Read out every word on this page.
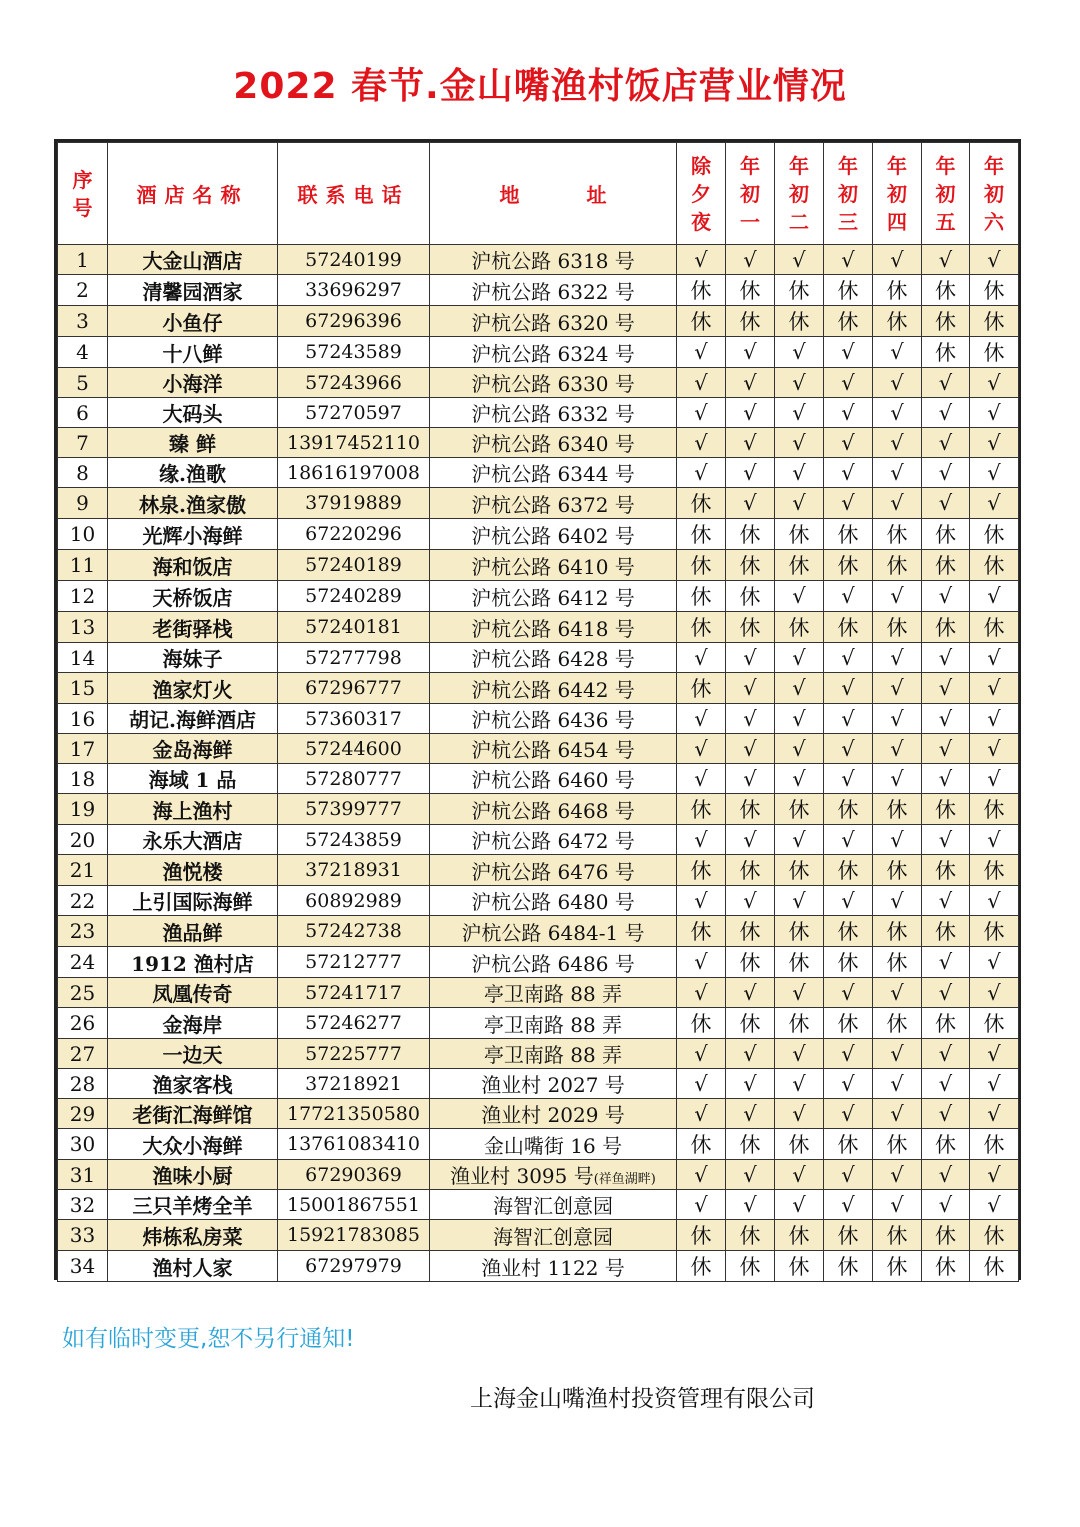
2022 春节.金山嘴渔村饭店营业情况
序
号	酒店名称	联系电话	地 址	除
夕
夜	年
初
一	年
初
二	年
初
三	年
初
四	年
初
五	年
初
六

1	大金山酒店	57240199	沪杭公路 6318 号	√	√	√	√	√	√	√
2	清馨园酒家	33696297	沪杭公路 6322 号	休	休	休	休	休	休	休
3	小鱼仔	67296396	沪杭公路 6320 号	休	休	休	休	休	休	休
4	十八鲜	57243589	沪杭公路 6324 号	√	√	√	√	√	休	休
5	小海洋	57243966	沪杭公路 6330 号	√	√	√	√	√	√	√
6	大码头	57270597	沪杭公路 6332 号	√	√	√	√	√	√	√
7	臻 鲜	13917452110	沪杭公路 6340 号	√	√	√	√	√	√	√
8	缘.渔歌	18616197008	沪杭公路 6344 号	√	√	√	√	√	√	√
9	林泉.渔家傲	37919889	沪杭公路 6372 号	休	√	√	√	√	√	√
10	光辉小海鲜	67220296	沪杭公路 6402 号	休	休	休	休	休	休	休
11	海和饭店	57240189	沪杭公路 6410 号	休	休	休	休	休	休	休
12	天桥饭店	57240289	沪杭公路 6412 号	休	休	√	√	√	√	√
13	老街驿栈	57240181	沪杭公路 6418 号	休	休	休	休	休	休	休
14	海妹子	57277798	沪杭公路 6428 号	√	√	√	√	√	√	√
15	渔家灯火	67296777	沪杭公路 6442 号	休	√	√	√	√	√	√
16	胡记.海鲜酒店	57360317	沪杭公路 6436 号	√	√	√	√	√	√	√
17	金岛海鲜	57244600	沪杭公路 6454 号	√	√	√	√	√	√	√
18	海域 1 品	57280777	沪杭公路 6460 号	√	√	√	√	√	√	√
19	海上渔村	57399777	沪杭公路 6468 号	休	休	休	休	休	休	休
20	永乐大酒店	57243859	沪杭公路 6472 号	√	√	√	√	√	√	√
21	渔悦楼	37218931	沪杭公路 6476 号	休	休	休	休	休	休	休
22	上引国际海鲜	60892989	沪杭公路 6480 号	√	√	√	√	√	√	√
23	渔品鲜	57242738	沪杭公路 6484-1 号	休	休	休	休	休	休	休
24	1912 渔村店	57212777	沪杭公路 6486 号	√	休	休	休	休	√	√
25	凤凰传奇	57241717	亭卫南路 88 弄	√	√	√	√	√	√	√
26	金海岸	57246277	亭卫南路 88 弄	休	休	休	休	休	休	休
27	一边天	57225777	亭卫南路 88 弄	√	√	√	√	√	√	√
28	渔家客栈	37218921	渔业村 2027 号	√	√	√	√	√	√	√
29	老街汇海鲜馆	17721350580	渔业村 2029 号	√	√	√	√	√	√	√
30	大众小海鲜	13761083410	金山嘴街 16 号	休	休	休	休	休	休	休
31	渔味小厨	67290369	渔业村 3095 号(祥鱼湖畔)	√	√	√	√	√	√	√
32	三只羊烤全羊	15001867551	海智汇创意园	√	√	√	√	√	√	√
33	炜栋私房菜	15921783085	海智汇创意园	休	休	休	休	休	休	休
34	渔村人家	67297979	渔业村 1122 号	休	休	休	休	休	休	休
如有临时变更,恕不另行通知!
上海金山嘴渔村投资管理有限公司
